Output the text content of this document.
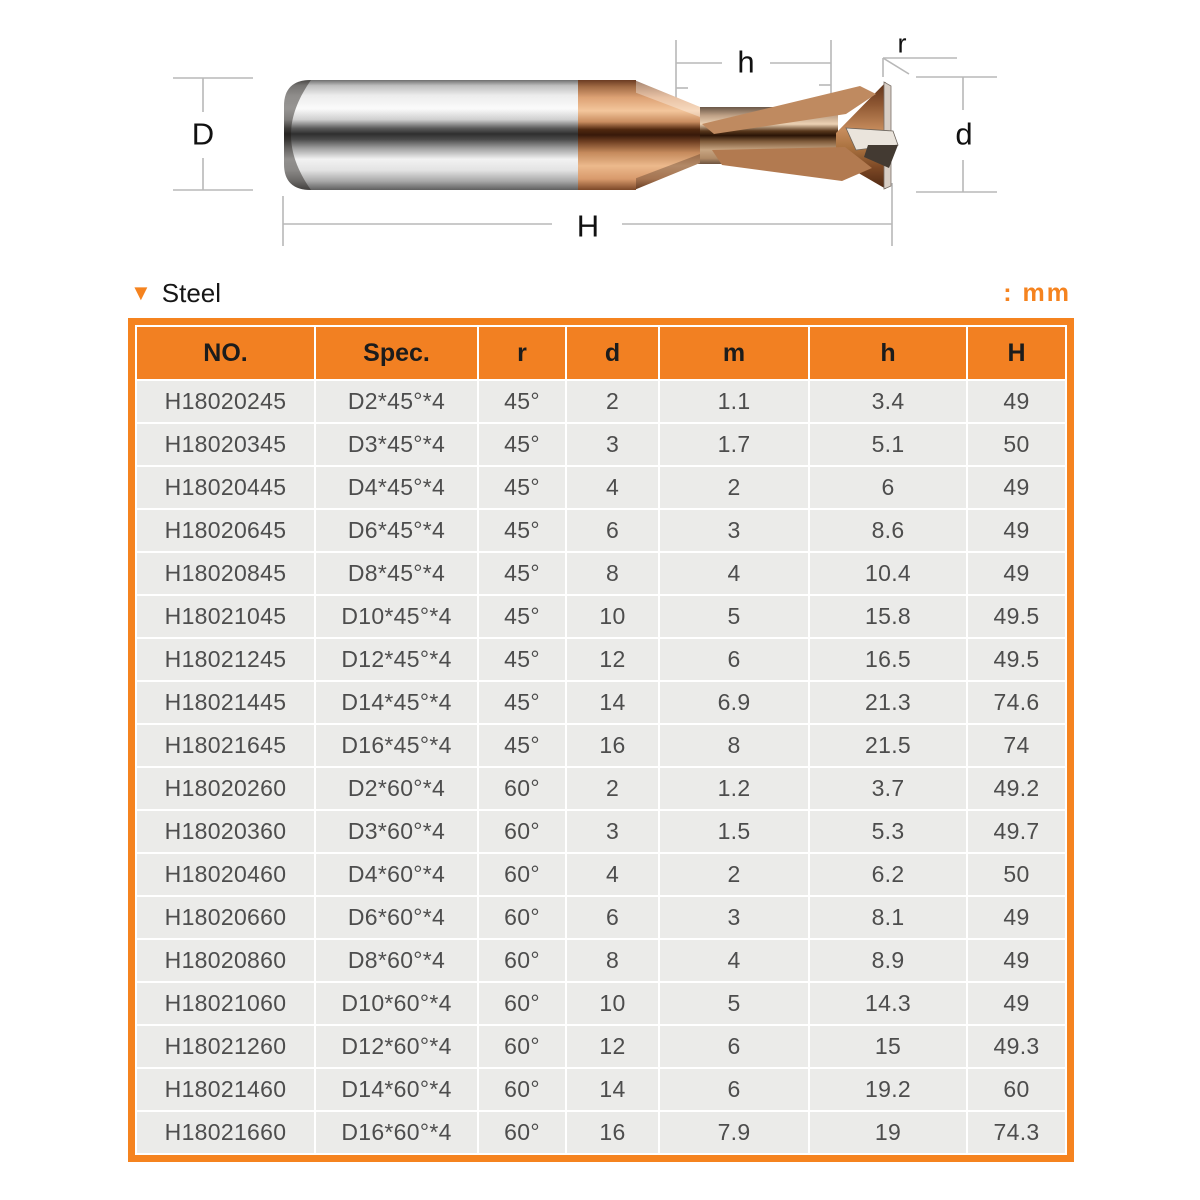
D
H
h
r
d
▼ Steel	: mm
NO.	Spec.	r	d	m	h	H
H18020245	D2*45°*4	45°	2	1.1	3.4	49
H18020345	D3*45°*4	45°	3	1.7	5.1	50
H18020445	D4*45°*4	45°	4	2	6	49
H18020645	D6*45°*4	45°	6	3	8.6	49
H18020845	D8*45°*4	45°	8	4	10.4	49
H18021045	D10*45°*4	45°	10	5	15.8	49.5
H18021245	D12*45°*4	45°	12	6	16.5	49.5
H18021445	D14*45°*4	45°	14	6.9	21.3	74.6
H18021645	D16*45°*4	45°	16	8	21.5	74
H18020260	D2*60°*4	60°	2	1.2	3.7	49.2
H18020360	D3*60°*4	60°	3	1.5	5.3	49.7
H18020460	D4*60°*4	60°	4	2	6.2	50
H18020660	D6*60°*4	60°	6	3	8.1	49
H18020860	D8*60°*4	60°	8	4	8.9	49
H18021060	D10*60°*4	60°	10	5	14.3	49
H18021260	D12*60°*4	60°	12	6	15	49.3
H18021460	D14*60°*4	60°	14	6	19.2	60
H18021660	D16*60°*4	60°	16	7.9	19	74.3
